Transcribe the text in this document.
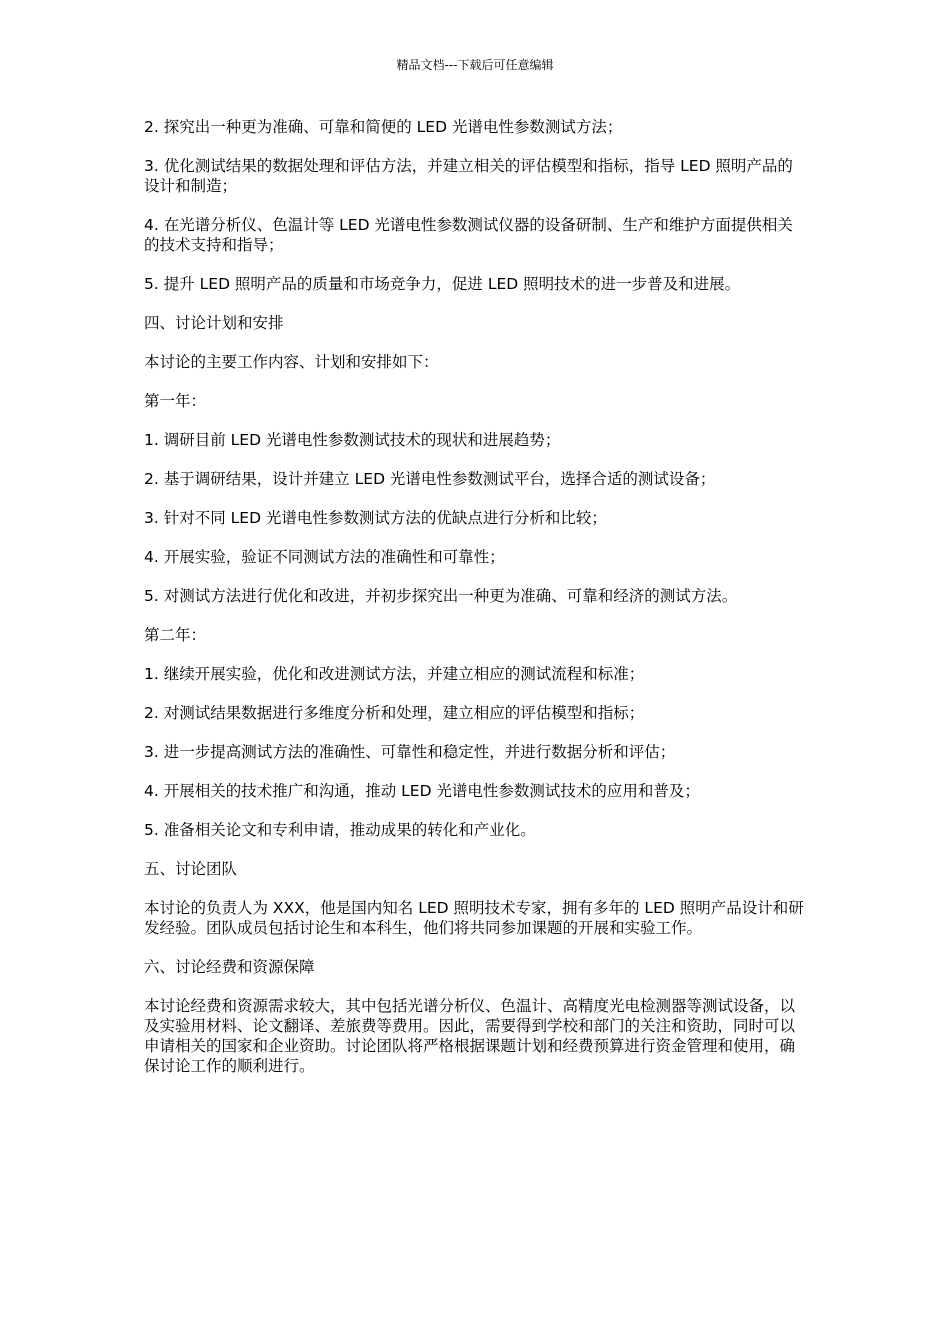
精品文档---下载后可任意编辑

2. 探究出一种更为准确、可靠和简便的 LED 光谱电性参数测试方法；

3. 优化测试结果的数据处理和评估方法，并建立相关的评估模型和指标，指导 LED 照明产品的设计和制造；

4. 在光谱分析仪、色温计等 LED 光谱电性参数测试仪器的设备研制、生产和维护方面提供相关的技术支持和指导；

5. 提升 LED 照明产品的质量和市场竞争力，促进 LED 照明技术的进一步普及和进展。

四、讨论计划和安排

本讨论的主要工作内容、计划和安排如下：

第一年：

1. 调研目前 LED 光谱电性参数测试技术的现状和进展趋势；

2. 基于调研结果，设计并建立 LED 光谱电性参数测试平台，选择合适的测试设备；

3. 针对不同 LED 光谱电性参数测试方法的优缺点进行分析和比较；

4. 开展实验，验证不同测试方法的准确性和可靠性；

5. 对测试方法进行优化和改进，并初步探究出一种更为准确、可靠和经济的测试方法。

第二年：

1. 继续开展实验，优化和改进测试方法，并建立相应的测试流程和标准；

2. 对测试结果数据进行多维度分析和处理，建立相应的评估模型和指标；

3. 进一步提高测试方法的准确性、可靠性和稳定性，并进行数据分析和评估；

4. 开展相关的技术推广和沟通，推动 LED 光谱电性参数测试技术的应用和普及；

5. 准备相关论文和专利申请，推动成果的转化和产业化。

五、讨论团队

本讨论的负责人为 XXX，他是国内知名 LED 照明技术专家，拥有多年的 LED 照明产品设计和研发经验。团队成员包括讨论生和本科生，他们将共同参加课题的开展和实验工作。

六、讨论经费和资源保障

本讨论经费和资源需求较大，其中包括光谱分析仪、色温计、高精度光电检测器等测试设备，以及实验用材料、论文翻译、差旅费等费用。因此，需要得到学校和部门的关注和资助，同时可以申请相关的国家和企业资助。讨论团队将严格根据课题计划和经费预算进行资金管理和使用，确保讨论工作的顺利进行。
